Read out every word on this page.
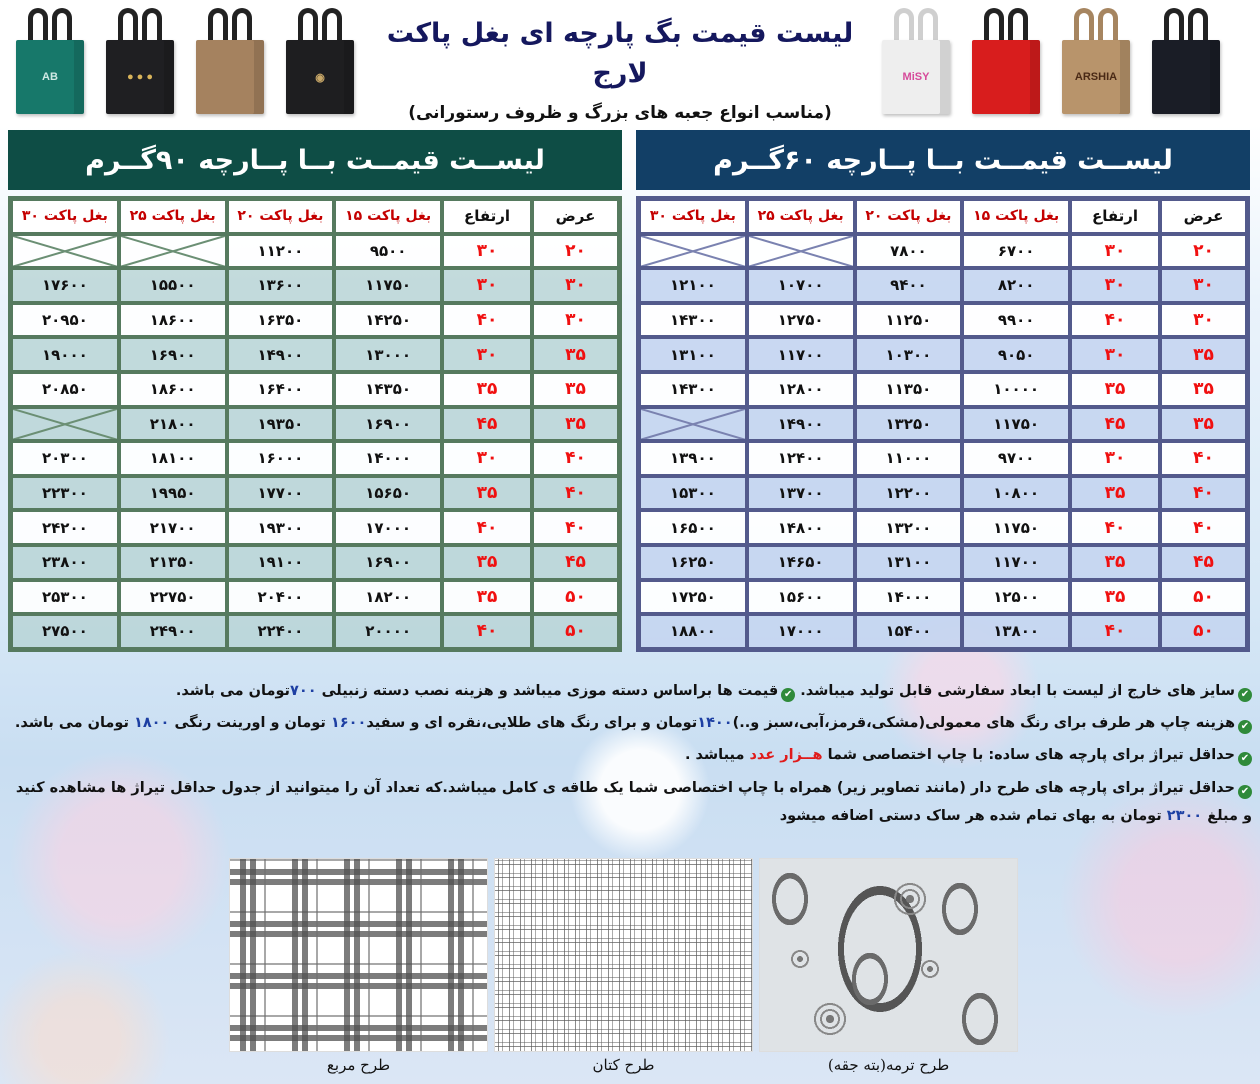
AB	● ● ●	◉
لیست قیمت بگ پارچه ای بغل پاکت لارج
(مناسب انواع جعبه های بزرگ و ظروف رستورانی)
MiSY	ARSHIA
لیســت قیمــت بــا پــارچه ۹۰گــرم
عرض	ارتفاع	بغل پاکت ۱۵	بغل پاکت ۲۰	بغل پاکت ۲۵	بغل پاکت ۳۰
۲۰	۳۰	۹۵۰۰	۱۱۲۰۰	

۳۰	۳۰	۱۱۷۵۰	۱۳۶۰۰	۱۵۵۰۰	۱۷۶۰۰
۳۰	۴۰	۱۴۲۵۰	۱۶۳۵۰	۱۸۶۰۰	۲۰۹۵۰
۳۵	۳۰	۱۳۰۰۰	۱۴۹۰۰	۱۶۹۰۰	۱۹۰۰۰
۳۵	۳۵	۱۴۳۵۰	۱۶۴۰۰	۱۸۶۰۰	۲۰۸۵۰
۳۵	۴۵	۱۶۹۰۰	۱۹۳۵۰	۲۱۸۰۰	

۴۰	۳۰	۱۴۰۰۰	۱۶۰۰۰	۱۸۱۰۰	۲۰۳۰۰
۴۰	۳۵	۱۵۶۵۰	۱۷۷۰۰	۱۹۹۵۰	۲۲۳۰۰
۴۰	۴۰	۱۷۰۰۰	۱۹۳۰۰	۲۱۷۰۰	۲۴۲۰۰
۴۵	۳۵	۱۶۹۰۰	۱۹۱۰۰	۲۱۳۵۰	۲۳۸۰۰
۵۰	۳۵	۱۸۲۰۰	۲۰۴۰۰	۲۲۷۵۰	۲۵۳۰۰
۵۰	۴۰	۲۰۰۰۰	۲۲۴۰۰	۲۴۹۰۰	۲۷۵۰۰
لیســت قیمــت بــا پــارچه ۶۰گــرم
عرض	ارتفاع	بغل پاکت ۱۵	بغل پاکت ۲۰	بغل پاکت ۲۵	بغل پاکت ۳۰
۲۰	۳۰	۶۷۰۰	۷۸۰۰	

۳۰	۳۰	۸۲۰۰	۹۴۰۰	۱۰۷۰۰	۱۲۱۰۰
۳۰	۴۰	۹۹۰۰	۱۱۲۵۰	۱۲۷۵۰	۱۴۳۰۰
۳۵	۳۰	۹۰۵۰	۱۰۳۰۰	۱۱۷۰۰	۱۳۱۰۰
۳۵	۳۵	۱۰۰۰۰	۱۱۳۵۰	۱۲۸۰۰	۱۴۳۰۰
۳۵	۴۵	۱۱۷۵۰	۱۳۲۵۰	۱۴۹۰۰	

۴۰	۳۰	۹۷۰۰	۱۱۰۰۰	۱۲۴۰۰	۱۳۹۰۰
۴۰	۳۵	۱۰۸۰۰	۱۲۲۰۰	۱۳۷۰۰	۱۵۳۰۰
۴۰	۴۰	۱۱۷۵۰	۱۳۲۰۰	۱۴۸۰۰	۱۶۵۰۰
۴۵	۳۵	۱۱۷۰۰	۱۳۱۰۰	۱۴۶۵۰	۱۶۲۵۰
۵۰	۳۵	۱۲۵۰۰	۱۴۰۰۰	۱۵۶۰۰	۱۷۲۵۰
۵۰	۴۰	۱۳۸۰۰	۱۵۴۰۰	۱۷۰۰۰	۱۸۸۰۰
✔سایز های خارج از لیست با ابعاد سفارشی قابل تولید میباشد. ✔قیمت ها براساس دسته موزی میباشد و هزینه نصب دسته زنبیلی ۷۰۰تومان می باشد.
✔هزینه چاپ هر طرف برای رنگ های معمولی(مشکی،قرمز،آبی،سبز و..)۱۴۰۰تومان و برای رنگ های طلایی،نقره ای و سفید۱۶۰۰ تومان و اورینت رنگی ۱۸۰۰ تومان می باشد.
✔حداقل تیراژ برای پارچه های ساده: با چاپ اختصاصی شما هــزار عدد میباشد .
✔حداقل تیراژ برای پارچه های طرح دار (مانند تصاویر زیر) همراه با چاپ اختصاصی شما یک طاقه ی کامل میباشد.که تعداد آن را میتوانید از جدول حداقل تیراژ ها مشاهده کنید و مبلغ ۲۳۰۰ تومان به بهای تمام شده هر ساک دستی اضافه میشود
طرح مربع	طرح کتان	طرح ترمه(بته جقه)
